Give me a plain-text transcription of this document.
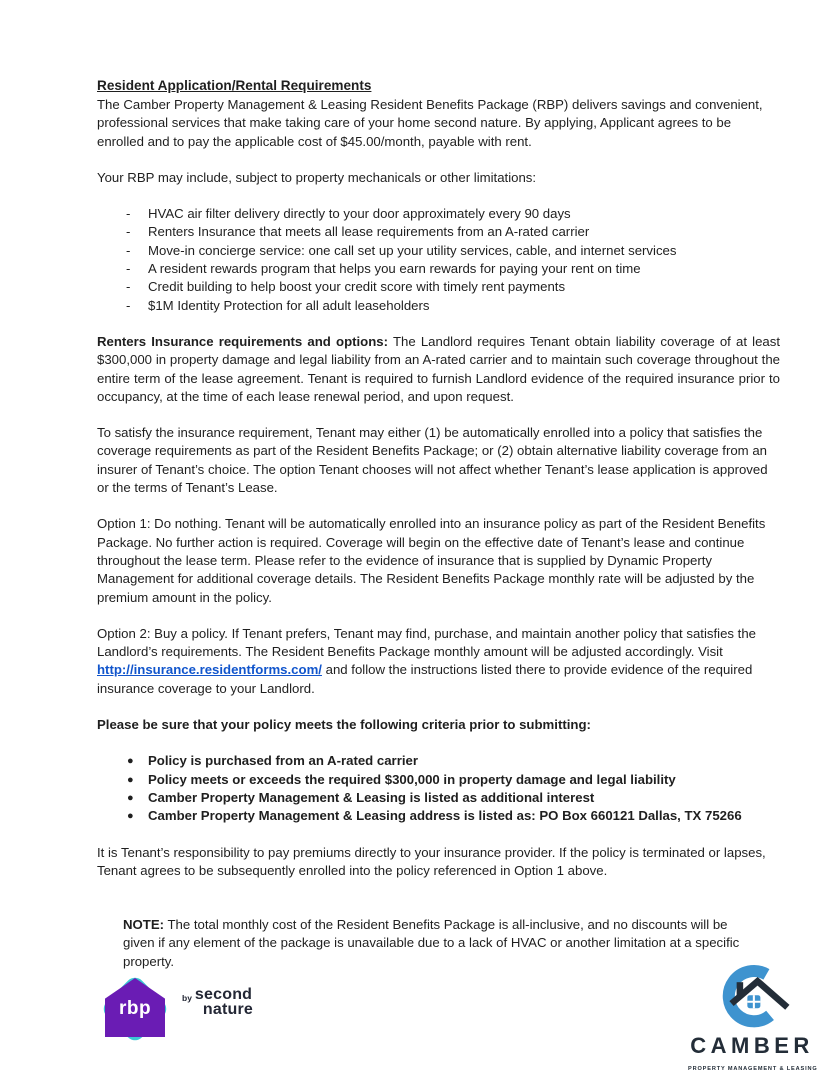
Resident Application/Rental Requirements

The Camber Property Management & Leasing Resident Benefits Package (RBP) delivers savings and convenient, professional services that make taking care of your home second nature. By applying, Applicant agrees to be enrolled and to pay the applicable cost of $45.00/month, payable with rent.

Your RBP may include, subject to property mechanicals or other limitations:

- HVAC air filter delivery directly to your door approximately every 90 days
- Renters Insurance that meets all lease requirements from an A-rated carrier
- Move-in concierge service: one call set up your utility services, cable, and internet services
- A resident rewards program that helps you earn rewards for paying your rent on time
- Credit building to help boost your credit score with timely rent payments
- $1M Identity Protection for all adult leaseholders

Renters Insurance requirements and options: The Landlord requires Tenant obtain liability coverage of at least $300,000 in property damage and legal liability from an A-rated carrier and to maintain such coverage throughout the entire term of the lease agreement. Tenant is required to furnish Landlord evidence of the required insurance prior to occupancy, at the time of each lease renewal period, and upon request.

To satisfy the insurance requirement, Tenant may either (1) be automatically enrolled into a policy that satisfies the coverage requirements as part of the Resident Benefits Package; or (2) obtain alternative liability coverage from an insurer of Tenant’s choice. The option Tenant chooses will not affect whether Tenant’s lease application is approved or the terms of Tenant’s Lease.

Option 1: Do nothing. Tenant will be automatically enrolled into an insurance policy as part of the Resident Benefits Package. No further action is required. Coverage will begin on the effective date of Tenant’s lease and continue throughout the lease term. Please refer to the evidence of insurance that is supplied by Dynamic Property Management for additional coverage details. The Resident Benefits Package monthly rate will be adjusted by the premium amount in the policy.

Option 2: Buy a policy. If Tenant prefers, Tenant may find, purchase, and maintain another policy that satisfies the Landlord’s requirements. The Resident Benefits Package monthly amount will be adjusted accordingly. Visit http://insurance.residentforms.com/ and follow the instructions listed there to provide evidence of the required insurance coverage to your Landlord.

Please be sure that your policy meets the following criteria prior to submitting:

● Policy is purchased from an A-rated carrier
● Policy meets or exceeds the required $300,000 in property damage and legal liability
● Camber Property Management & Leasing is listed as additional interest
● Camber Property Management & Leasing address is listed as: PO Box 660121 Dallas, TX 75266

It is Tenant’s responsibility to pay premiums directly to your insurance provider. If the policy is terminated or lapses, Tenant agrees to be subsequently enrolled into the policy referenced in Option 1 above.

NOTE: The total monthly cost of the Resident Benefits Package is all-inclusive, and no discounts will be given if any element of the package is unavailable due to a lack of HVAC or another limitation at a specific property.

rbp	by second
nature
CAMBER
PROPERTY MANAGEMENT & LEASING
